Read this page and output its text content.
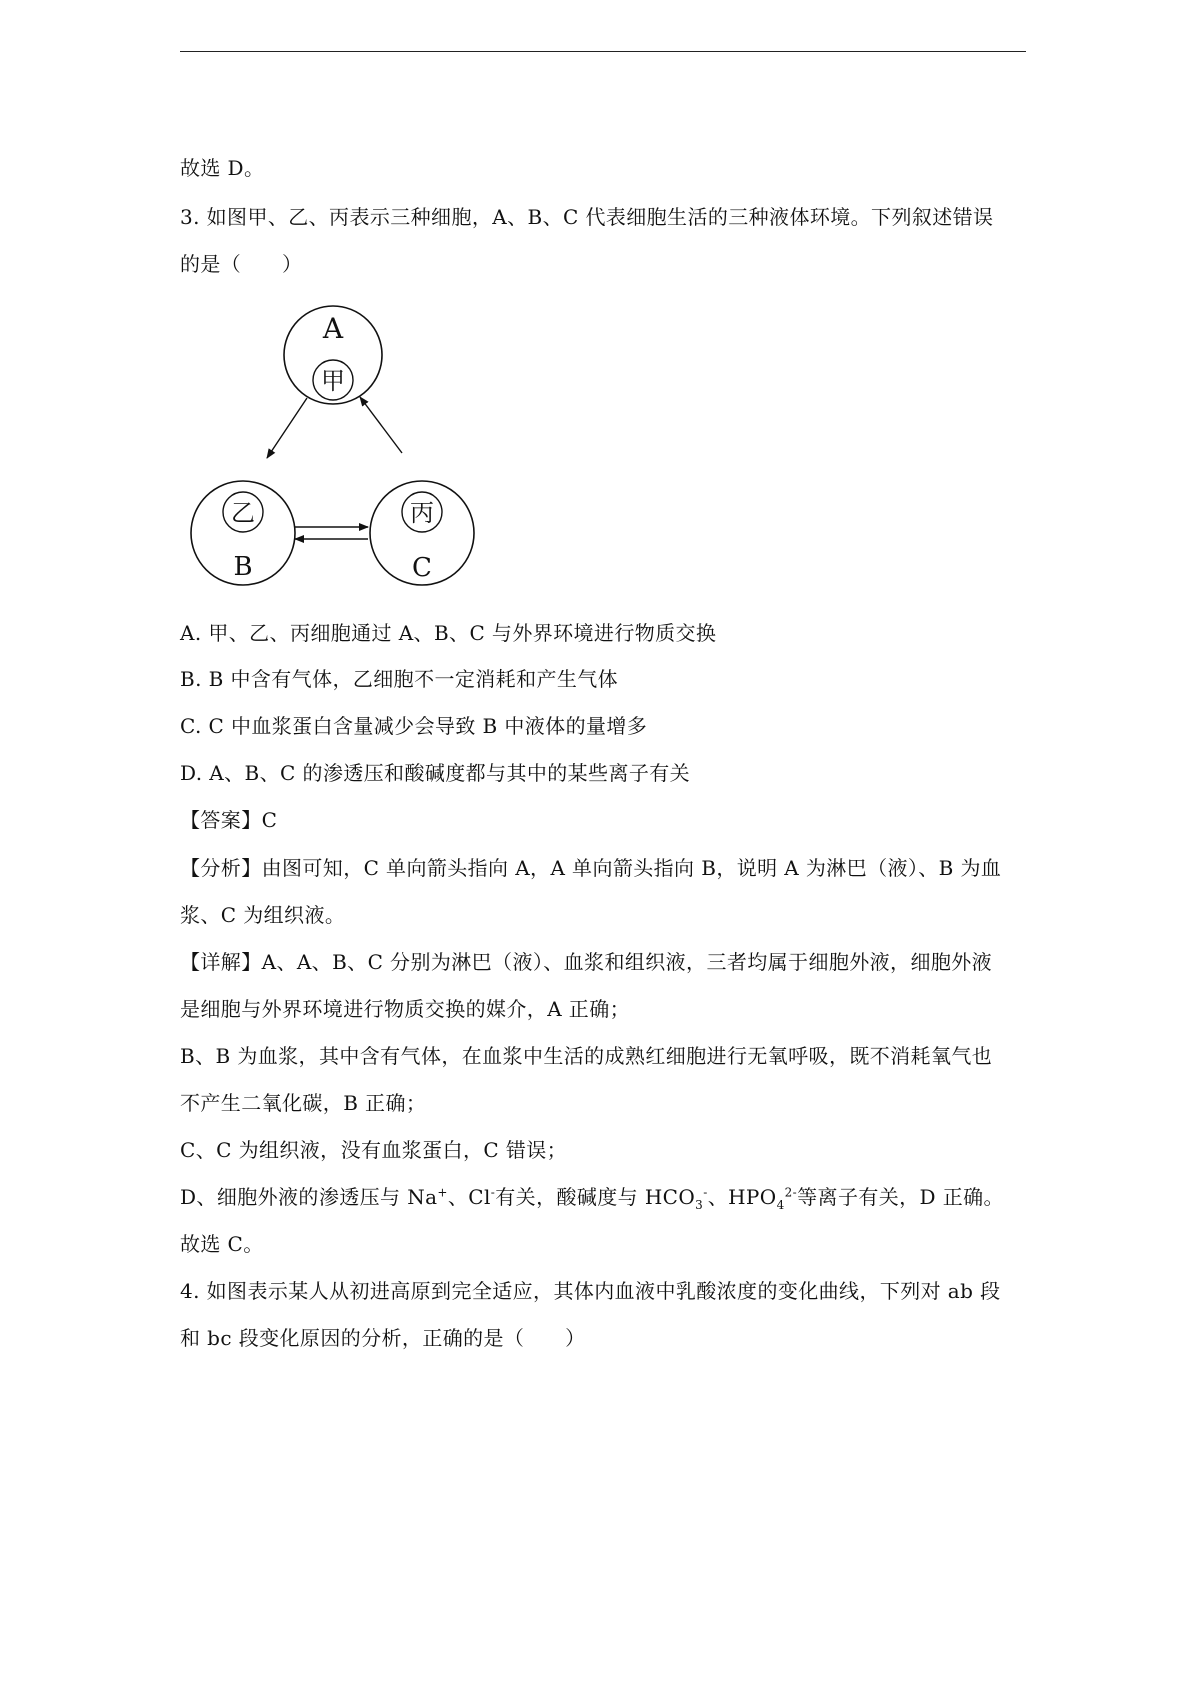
故选 D。
3. 如图甲、乙、丙表示三种细胞，A、B、C 代表细胞生活的三种液体环境。下列叙述错误
的是（　　）
A
甲
乙
B
丙
C
A. 甲、乙、丙细胞通过 A、B、C 与外界环境进行物质交换
B. B 中含有气体，乙细胞不一定消耗和产生气体
C. C 中血浆蛋白含量减少会导致 B 中液体的量增多
D. A、B、C 的渗透压和酸碱度都与其中的某些离子有关
【答案】C
【分析】由图可知，C 单向箭头指向 A，A 单向箭头指向 B，说明 A 为淋巴（液）、B 为血
浆、C 为组织液。
【详解】A、A、B、C 分别为淋巴（液）、血浆和组织液，三者均属于细胞外液，细胞外液
是细胞与外界环境进行物质交换的媒介，A 正确；
B、B 为血浆，其中含有气体，在血浆中生活的成熟红细胞进行无氧呼吸，既不消耗氧气也
不产生二氧化碳，B 正确；
C、C 为组织液，没有血浆蛋白，C 错误；
D、细胞外液的渗透压与 Na+、Cl-有关，酸碱度与 $HCO_3^-$、$HPO_4^{2-}$等离子有关，D 正确。
故选 C。
4. 如图表示某人从初进高原到完全适应，其体内血液中乳酸浓度的变化曲线，下列对 ab 段
和 bc 段变化原因的分析，正确的是（　　）
